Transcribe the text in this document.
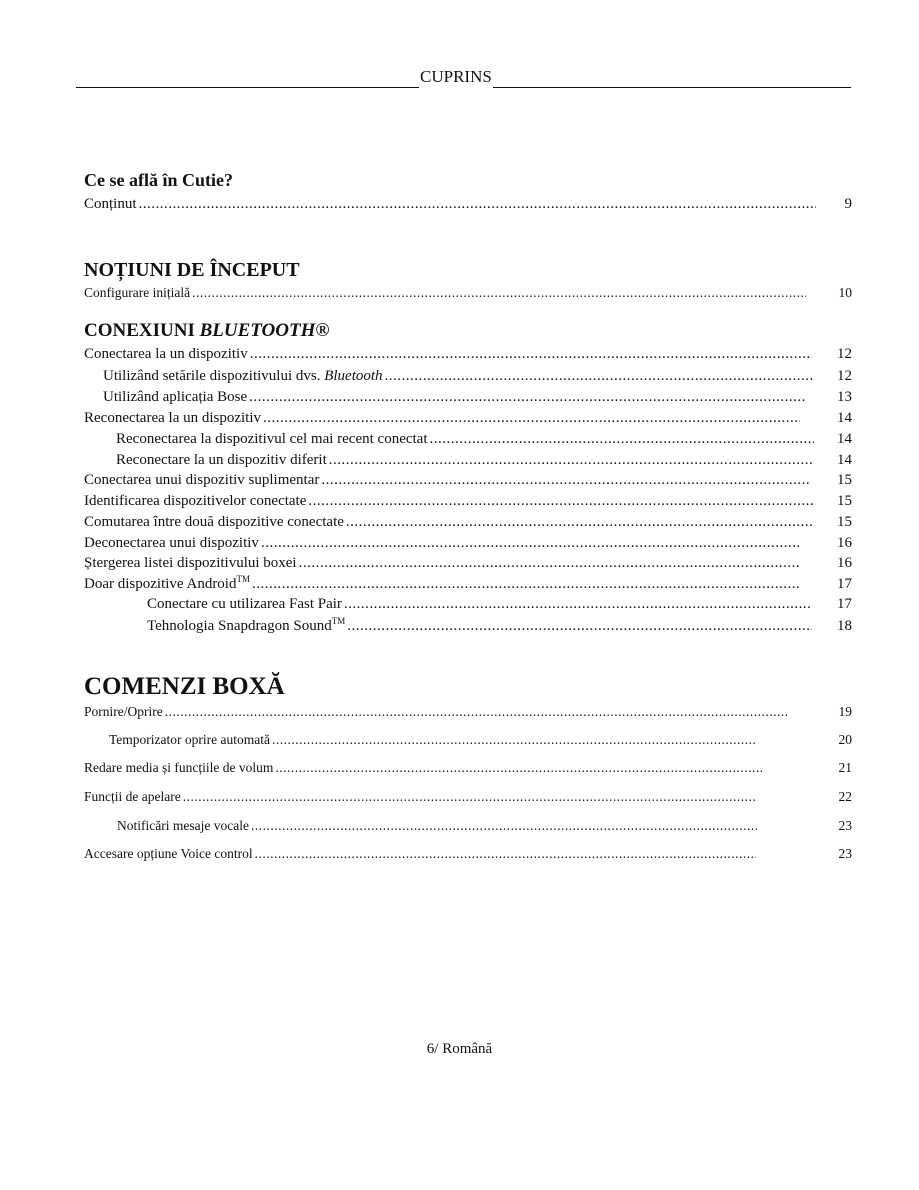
CUPRINS
Ce se află în Cutie?
Conținut .....	9
NOȚIUNI DE ÎNCEPUT
Configurare inițială .....	10
CONEXIUNI BLUETOOTH®
Conectarea la un dispozitiv .....	12
Utilizând setările dispozitivului dvs. Bluetooth .....	12
Utilizând aplicația Bose .....	13
Reconectarea la un dispozitiv .....	14
Reconectarea la dispozitivul cel mai recent conectat .....	14
Reconectare la un dispozitiv diferit .....	14
Conectarea unui dispozitiv suplimentar .....	15
Identificarea dispozitivelor conectate .....	15
Comutarea între două dispozitive conectate .....	15
Deconectarea unui dispozitiv .....	16
Ștergerea listei dispozitivului boxei .....	16
Doar dispozitive Android™ .....	17
Conectare cu utilizarea Fast Pair .....	17
Tehnologia Snapdragon Sound™ .....	18
COMENZI BOXĂ
Pornire/Oprire .....	19
Temporizator oprire automată .....	20
Redare media și funcțiile de volum .....	21
Funcții de apelare .....	22
Notificări mesaje vocale .....	23
Accesare opțiune Voice control .....	23
6/ Română
